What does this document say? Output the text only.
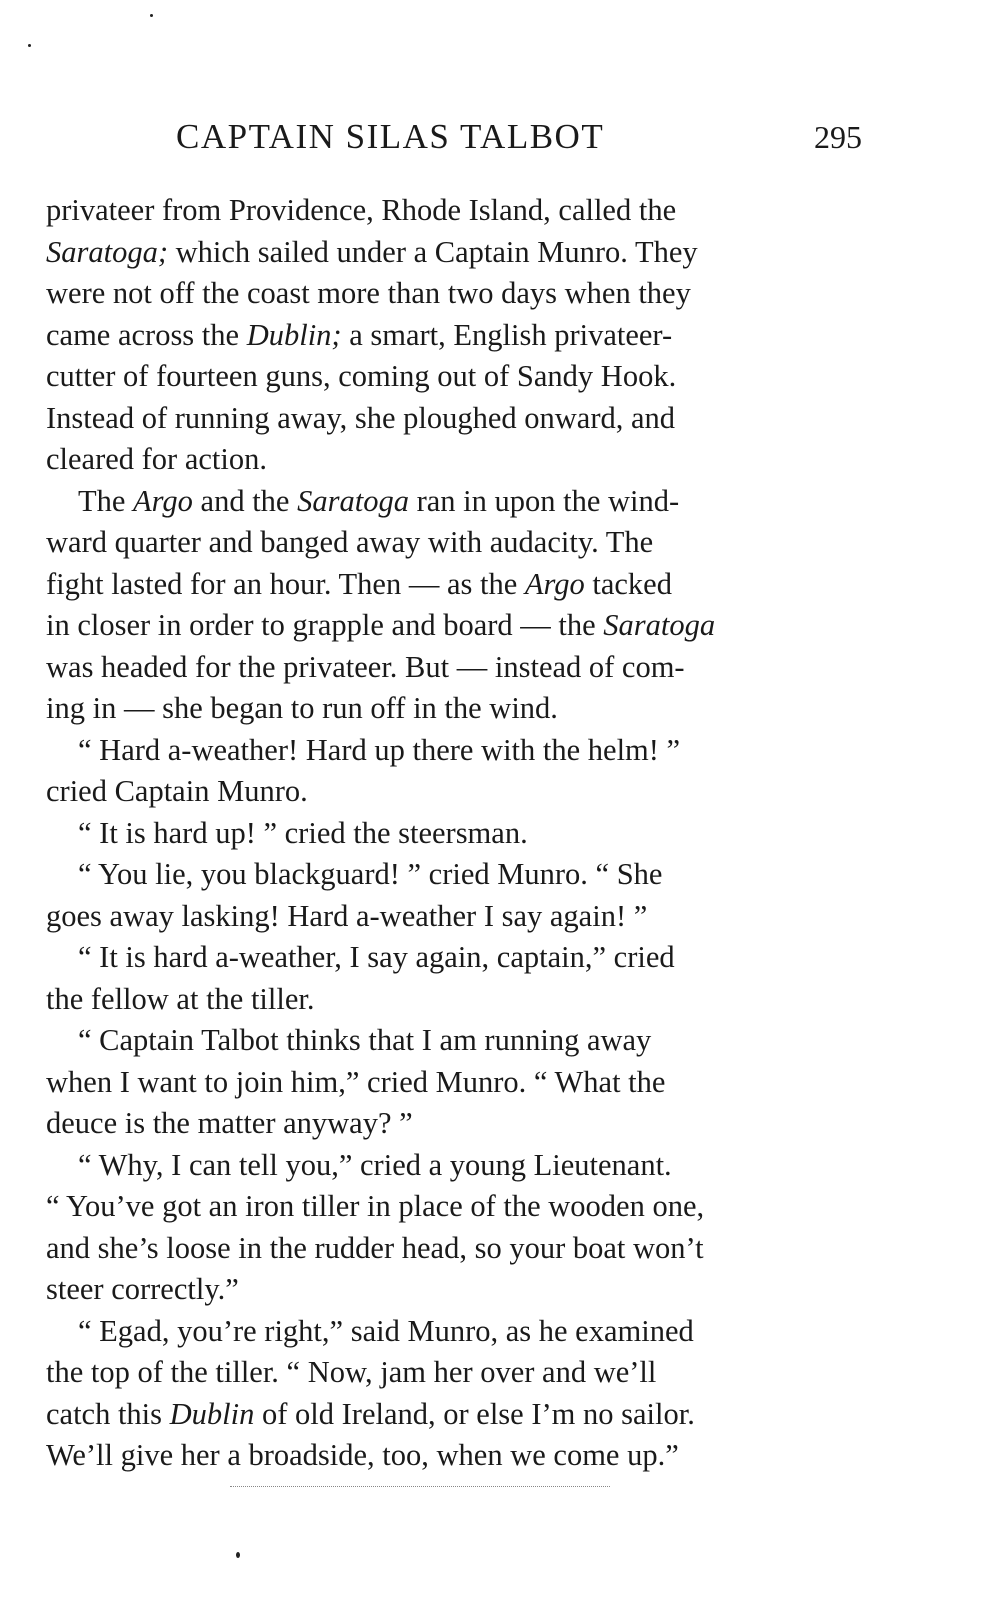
CAPTAIN SILAS TALBOT	295

privateer from Providence, Rhode Island, called the
Saratoga; which sailed under a Captain Munro. They
were not off the coast more than two days when they
came across the Dublin; a smart, English privateer-
cutter of fourteen guns, coming out of Sandy Hook.
Instead of running away, she ploughed onward, and
cleared for action.

The Argo and the Saratoga ran in upon the wind-
ward quarter and banged away with audacity. The
fight lasted for an hour. Then — as the Argo tacked
in closer in order to grapple and board — the Saratoga
was headed for the privateer. But — instead of com-
ing in — she began to run off in the wind.

“ Hard a-weather! Hard up there with the helm! ”
cried Captain Munro.

“ It is hard up! ” cried the steersman.

“ You lie, you blackguard! ” cried Munro. “ She
goes away lasking! Hard a-weather I say again! ”

“ It is hard a-weather, I say again, captain,” cried
the fellow at the tiller.

“ Captain Talbot thinks that I am running away
when I want to join him,” cried Munro. “ What the
deuce is the matter anyway? ”

“ Why, I can tell you,” cried a young Lieutenant.
“ You’ve got an iron tiller in place of the wooden one,
and she’s loose in the rudder head, so your boat won’t
steer correctly.”

“ Egad, you’re right,” said Munro, as he examined
the top of the tiller. “ Now, jam her over and we’ll
catch this Dublin of old Ireland, or else I’m no sailor.
We’ll give her a broadside, too, when we come up.”
